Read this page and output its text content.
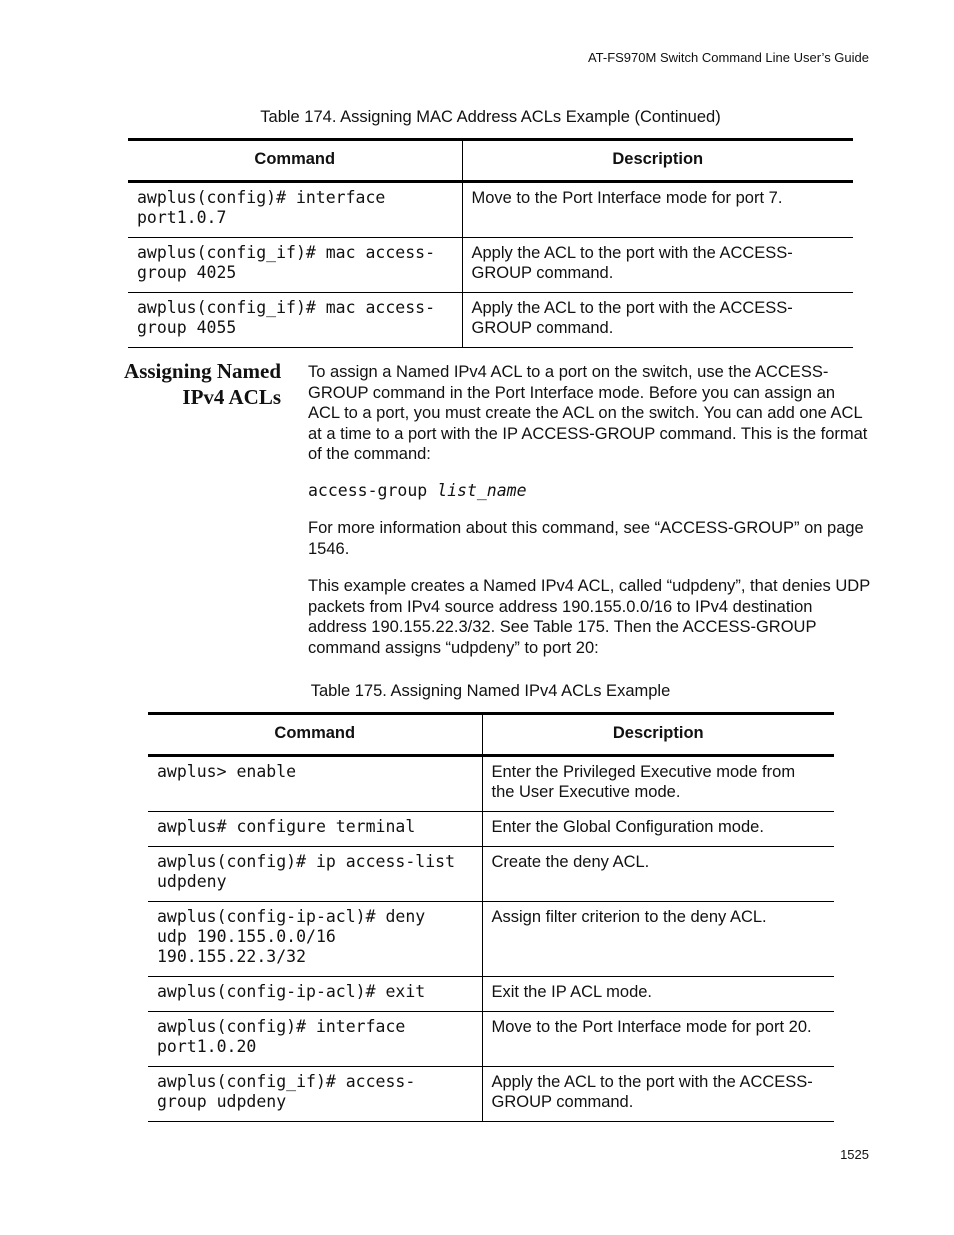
AT-FS970M Switch Command Line User’s Guide
Table 174. Assigning MAC Address ACLs Example (Continued)
Command	Description
awplus(config)# interface
port1.0.7	Move to the Port Interface mode for port 7.
awplus(config_if)# mac access-
group 4025	Apply the ACL to the port with the ACCESS-
GROUP command.
awplus(config_if)# mac access-
group 4055	Apply the ACL to the port with the ACCESS-
GROUP command.
Assigning Named
IPv4 ACLs
To assign a Named IPv4 ACL to a port on the switch, use the ACCESS-GROUP command in the Port Interface mode. Before you can assign an ACL to a port, you must create the ACL on the switch. You can add one ACL at a time to a port with the IP ACCESS-GROUP command. This is the format of the command:
access-group list_name
For more information about this command, see “ACCESS-GROUP” on page 1546.
This example creates a Named IPv4 ACL, called “udpdeny”, that denies UDP packets from IPv4 source address 190.155.0.0/16 to IPv4 destination address 190.155.22.3/32. See Table 175. Then the ACCESS-GROUP command assigns “udpdeny” to port 20:
Table 175. Assigning Named IPv4 ACLs Example
Command	Description
awplus> enable	Enter the Privileged Executive mode from
the User Executive mode.
awplus# configure terminal	Enter the Global Configuration mode.
awplus(config)# ip access-list
udpdeny	Create the deny ACL.
awplus(config-ip-acl)# deny
udp 190.155.0.0/16
190.155.22.3/32	Assign filter criterion to the deny ACL.
awplus(config-ip-acl)# exit	Exit the IP ACL mode.
awplus(config)# interface
port1.0.20	Move to the Port Interface mode for port 20.
awplus(config_if)# access-
group udpdeny	Apply the ACL to the port with the ACCESS-
GROUP command.
1525
